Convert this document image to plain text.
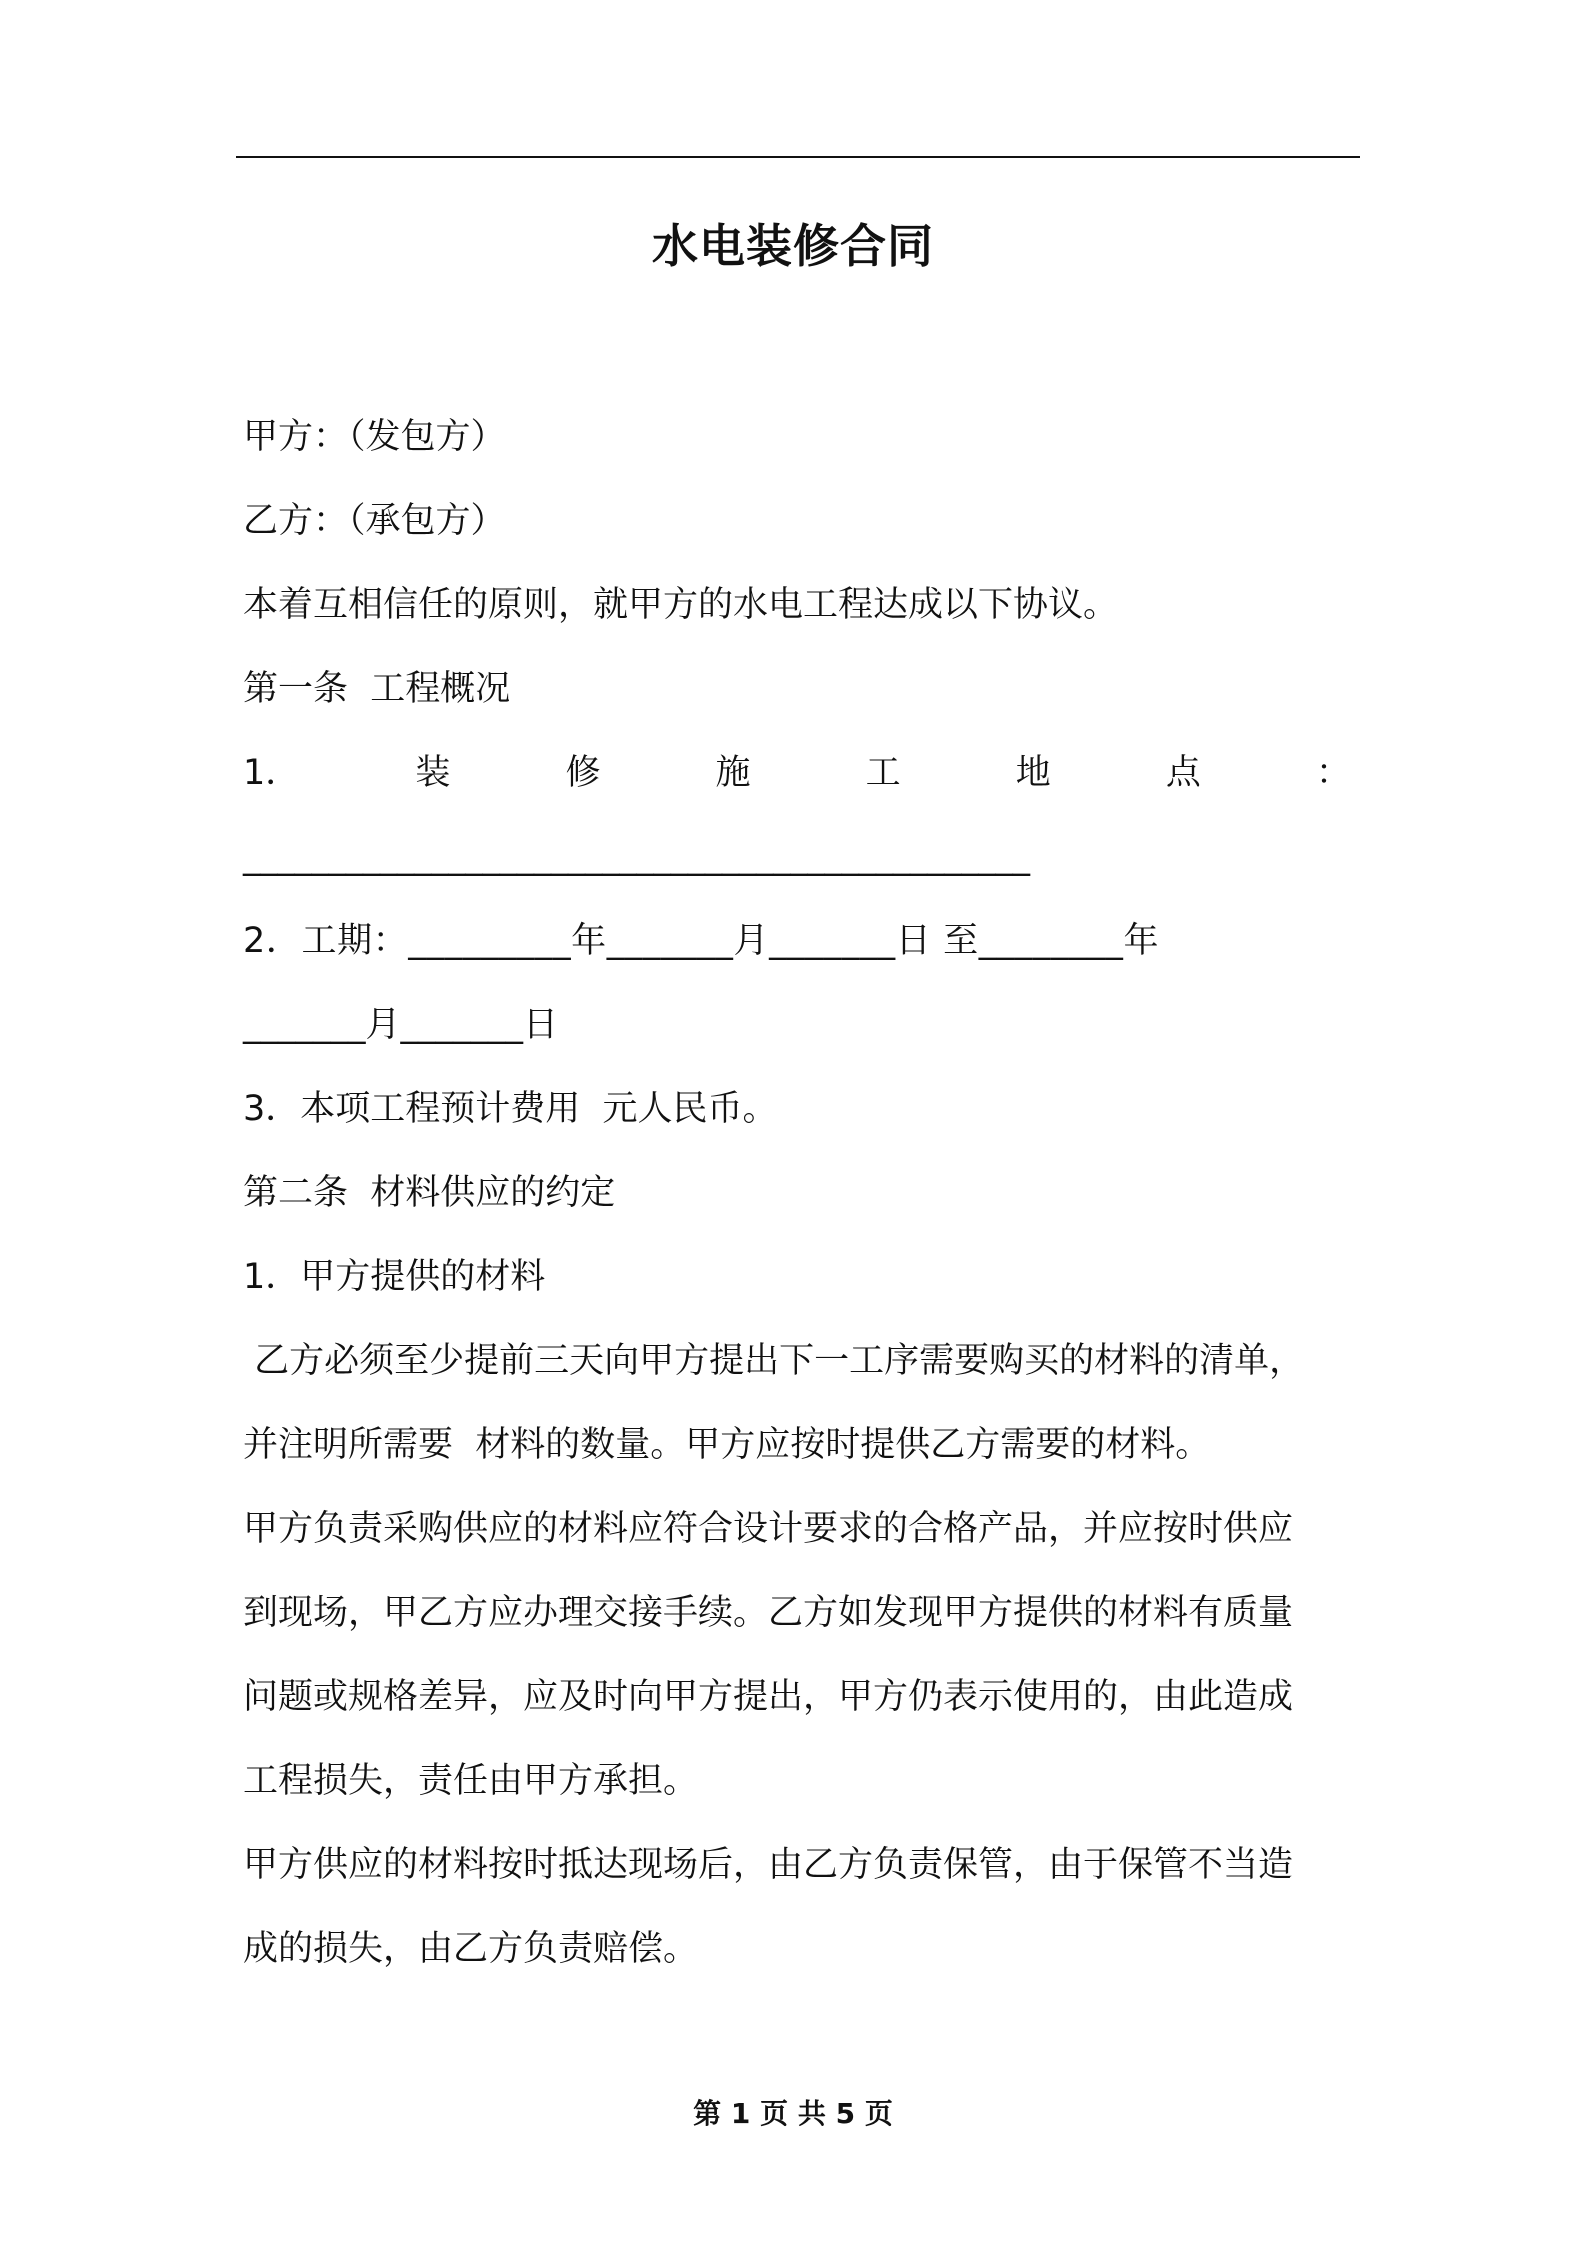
水电装修合同

甲方：（发包方）

乙方：（承包方）

本着互相信任的原则，就甲方的水电工程达成以下协议。

第一条  工程概况

1．	装	修	施	工	地	点	：

______________________________________________

2．工期：_________年_______月_______日 至________年

_______月_______日

3．本项工程预计费用  元人民币。

第二条  材料供应的约定

1．甲方提供的材料

乙方必须至少提前三天向甲方提出下一工序需要购买的材料的清单，

并注明所需要  材料的数量。甲方应按时提供乙方需要的材料。

甲方负责采购供应的材料应符合设计要求的合格产品，并应按时供应

到现场，甲乙方应办理交接手续。乙方如发现甲方提供的材料有质量

问题或规格差异，应及时向甲方提出，甲方仍表示使用的，由此造成

工程损失，责任由甲方承担。

甲方供应的材料按时抵达现场后，由乙方负责保管，由于保管不当造

成的损失，由乙方负责赔偿。

第 1 页 共 5 页
